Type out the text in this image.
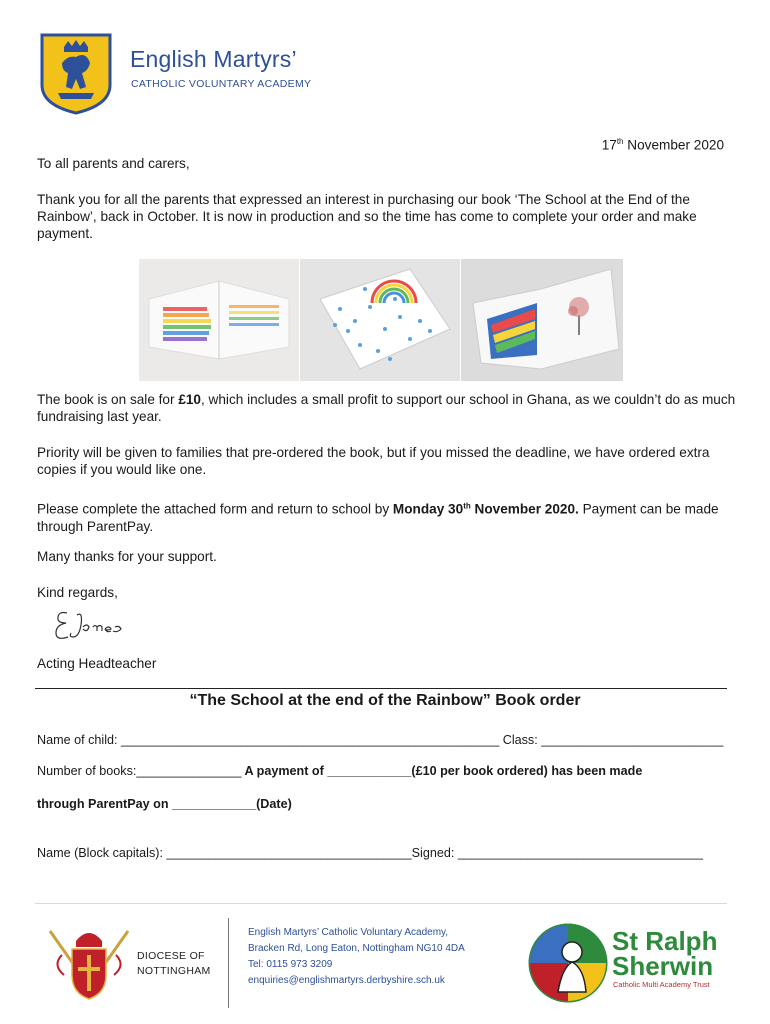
English Martyrs’
CATHOLIC VOLUNTARY ACADEMY
17th November 2020
To all parents and carers,
Thank you for all the parents that expressed an interest in purchasing our book ‘The School at the End of the Rainbow’, back in October. It is now in production and so the time has come to complete your order and make payment.
The book is on sale for £10, which includes a small profit to support our school in Ghana, as we couldn’t do as much fundraising last year.
Priority will be given to families that pre-ordered the book, but if you missed the deadline, we have ordered extra copies if you would like one.
Please complete the attached form and return to school by Monday 30th November 2020. Payment can be made through ParentPay.
Many thanks for your support.
Kind regards,
Acting Headteacher
“The School at the end of the Rainbow” Book order
Name of child: ______________________________________________________ Class: __________________________
Number of books:_______________ A payment of ____________(£10 per book ordered) has been made
through ParentPay on ____________(Date)
Name (Block capitals): ___________________________________Signed: ___________________________________
DIOCESE OF
NOTTINGHAM
English Martyrs’ Catholic Voluntary Academy,
Bracken Rd, Long Eaton, Nottingham NG10 4DA
Tel: 0115 973 3209
enquiries@englishmartyrs.derbyshire.sch.uk
St Ralph
Sherwin
Catholic Multi Academy Trust
